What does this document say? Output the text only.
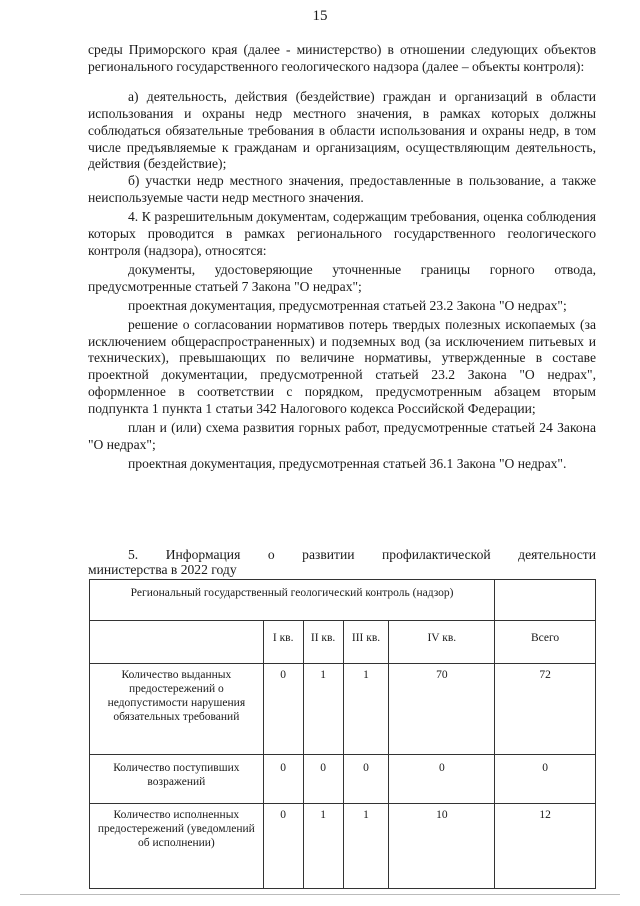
15

среды Приморского края (далее - министерство) в отношении следующих объектов регионального государственного геологического надзора (далее – объекты контроля):

а) деятельность, действия (бездействие) граждан и организаций в области использования и охраны недр местного значения, в рамках которых должны соблюдаться обязательные требования в области использования и охраны недр, в том числе предъявляемые к гражданам и организациям, осуществляющим деятельность, действия (бездействие);

б) участки недр местного значения, предоставленные в пользование, а также неиспользуемые части недр местного значения.

4. К разрешительным документам, содержащим требования, оценка соблюдения которых проводится в рамках регионального государственного геологического контроля (надзора), относятся:

документы, удостоверяющие уточненные границы горного отвода, предусмотренные статьей 7 Закона "О недрах";

проектная документация, предусмотренная статьей 23.2 Закона "О недрах";

решение о согласовании нормативов потерь твердых полезных ископаемых (за исключением общераспространенных) и подземных вод (за исключением питьевых и технических), превышающих по величине нормативы, утвержденные в составе проектной документации, предусмотренной статьей 23.2 Закона "О недрах", оформленное в соответствии с порядком, предусмотренным абзацем вторым подпункта 1 пункта 1 статьи 342 Налогового кодекса Российской Федерации;

план и (или) схема развития горных работ, предусмотренные статьей 24 Закона "О недрах";

проектная документация, предусмотренная статьей 36.1 Закона "О недрах".

5. Информация о развитии профилактической деятельности
министерства в 2022 году
Региональный государственный геологический контроль (надзор)					
	I кв.	II кв.	III кв.	IV кв.	Всего
Количество выданных предостережений о недопустимости нарушения обязательных требований	0	1	1	70	72
Количество поступивших возражений	0	0	0	0	0
Количество исполненных предостережений (уведомлений об исполнении)	0	1	1	10	12
